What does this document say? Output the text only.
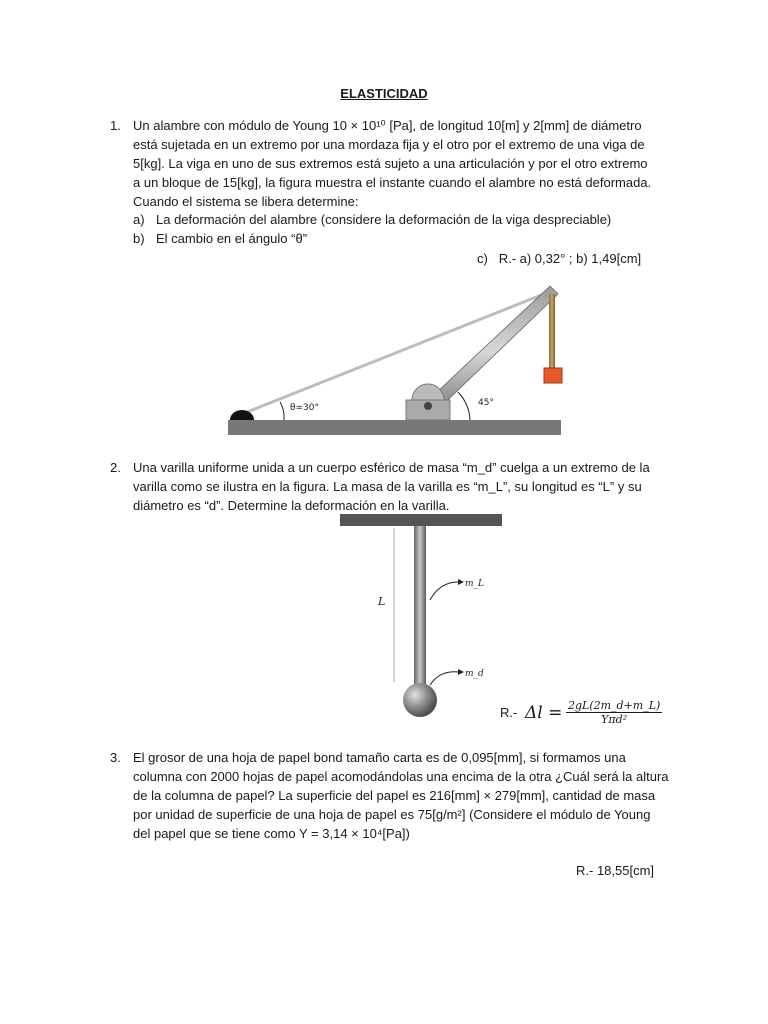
ELASTICIDAD
1. Un alambre con módulo de Young 10 × 10¹⁰ [Pa], de longitud 10[m] y 2[mm] de diámetro
está sujetada en un extremo por una mordaza fija y el otro por el extremo de una viga de
5[kg]. La viga en uno de sus extremos está sujeto a una articulación y por el otro extremo
a un bloque de 15[kg], la figura muestra el instante cuando el alambre no está deformada.
Cuando el sistema se libera determine:
a) La deformación del alambre (considere la deformación de la viga despreciable)
b) El cambio en el ángulo “θ”
c) R.- a) 0,32° ; b) 1,49[cm]
θ=30°	45°
2. Una varilla uniforme unida a un cuerpo esférico de masa “m_d” cuelga a un extremo de la
varilla como se ilustra en la figura. La masa de la varilla es “m_L”, su longitud es “L” y su
diámetro es “d”. Determine la deformación en la varilla.
L
m_L
m_d
R.- $\Delta l = \frac{2gL(2m\_d+m\_L)}{\text{Yπd²}}$
3. El grosor de una hoja de papel bond tamaño carta es de 0,095[mm], si formamos una
columna con 2000 hojas de papel acomodándolas una encima de la otra ¿Cuál será la altura
de la columna de papel? La superficie del papel es 216[mm] × 279[mm], cantidad de masa
por unidad de superficie de una hoja de papel es 75[g/m²] (Considere el módulo de Young
del papel que se tiene como Y = 3,14 × 10⁴[Pa])
R.- 18,55[cm]
